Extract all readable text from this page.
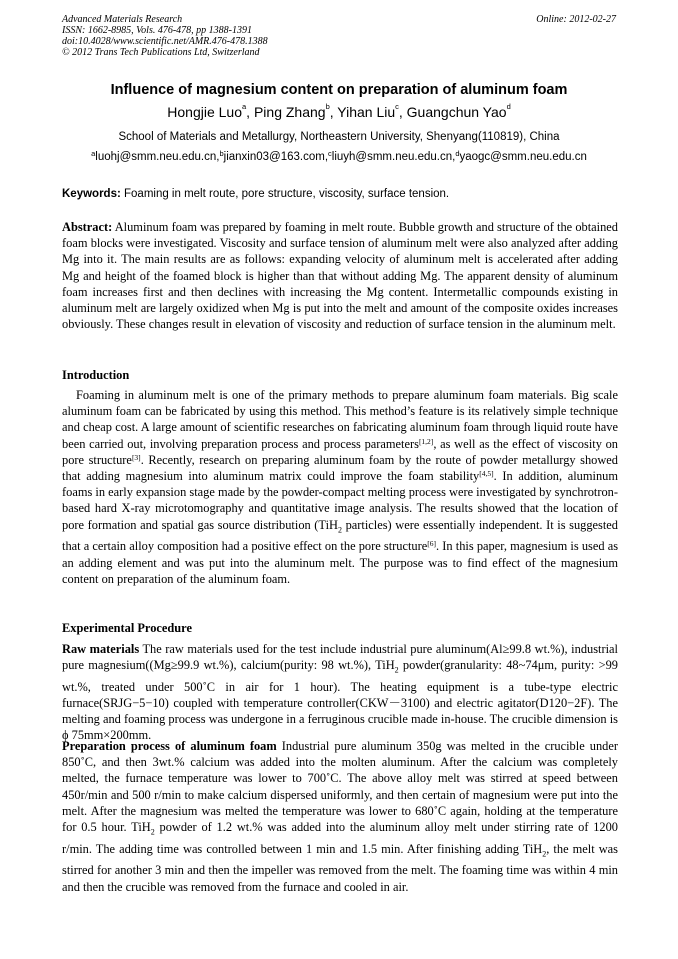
Advanced Materials Research
ISSN: 1662-8985, Vols. 476-478, pp 1388-1391
doi:10.4028/www.scientific.net/AMR.476-478.1388
© 2012 Trans Tech Publications Ltd, Switzerland
Online: 2012-02-27
Influence of magnesium content on preparation of aluminum foam
Hongjie Luo$^a$, Ping Zhang$^b$, Yihan Liu$^c$, Guangchun Yao$^d$
School of Materials and Metallurgy, Northeastern University, Shenyang(110819), China
$^a$luohj@smm.neu.edu.cn,$^b$jianxin03@163.com,$^c$liuyh@smm.neu.edu.cn,$^d$yaogc@smm.neu.edu.cn
Keywords: Foaming in melt route, pore structure, viscosity, surface tension.

Abstract: Aluminum foam was prepared by foaming in melt route. Bubble growth and structure of the obtained foam blocks were investigated. Viscosity and surface tension of aluminum melt were also analyzed after adding Mg into it. The main results are as follows: expanding velocity of aluminum melt is accelerated after adding Mg and height of the foamed block is higher than that without adding Mg. The apparent density of aluminum foam increases first and then declines with increasing the Mg content. Intermetallic compounds existing in aluminum melt are largely oxidized when Mg is put into the melt and amount of the composite oxides increases obviously. These changes result in elevation of viscosity and reduction of surface tension in the aluminum melt.

Introduction

Foaming in aluminum melt is one of the primary methods to prepare aluminum foam materials. Big scale aluminum foam can be fabricated by using this method. This method’s feature is its relatively simple technique and cheap cost. A large amount of scientific researches on fabricating aluminum foam through liquid route have been carried out, involving preparation process and process parameters[1,2], as well as the effect of viscosity on pore structure[3]. Recently, research on preparing aluminum foam by the route of powder metallurgy showed that adding magnesium into aluminum matrix could improve the foam stability[4,5]. In addition, aluminum foams in early expansion stage made by the powder-compact melting process were investigated by synchrotron-based hard X-ray microtomography and quantitative image analysis. The results showed that the location of pore formation and spatial gas source distribution (TiH$_2$ particles) were essentially independent. It is suggested that a certain alloy composition had a positive effect on the pore structure[6]. In this paper, magnesium is used as an adding element and was put into the aluminum melt. The purpose was to find effect of the magnesium content on preparation of the aluminum foam.

Experimental Procedure

Raw materials The raw materials used for the test include industrial pure aluminum(Al≥99.8 wt.%), industrial pure magnesium((Mg≥99.9 wt.%), calcium(purity: 98 wt.%), TiH$_2$ powder(granularity: 48~74μm, purity: >99 wt.%, treated under 500˚C in air for 1 hour). The heating equipment is a tube-type electric furnace(SRJG−5−10) coupled with temperature controller(CKW－3100) and electric agitator(D120−2F). The melting and foaming process was undergone in a ferruginous crucible made in-house. The crucible dimension is ϕ 75mm×200mm.

Preparation process of aluminum foam Industrial pure aluminum 350g was melted in the crucible under 850˚C, and then 3wt.% calcium was added into the molten aluminum. After the calcium was completely melted, the furnace temperature was lower to 700˚C. The above alloy melt was stirred at speed between 450r/min and 500 r/min to make calcium dispersed uniformly, and then certain of magnesium were put into the melt. After the magnesium was melted the temperature was lower to 680˚C again, holding at the temperature for 0.5 hour. TiH$_2$ powder of 1.2 wt.% was added into the aluminum alloy melt under stirring rate of 1200 r/min. The adding time was controlled between 1 min and 1.5 min. After finishing adding TiH$_2$, the melt was stirred for another 3 min and then the impeller was removed from the melt. The foaming time was within 4 min and then the crucible was removed from the furnace and cooled in air.
